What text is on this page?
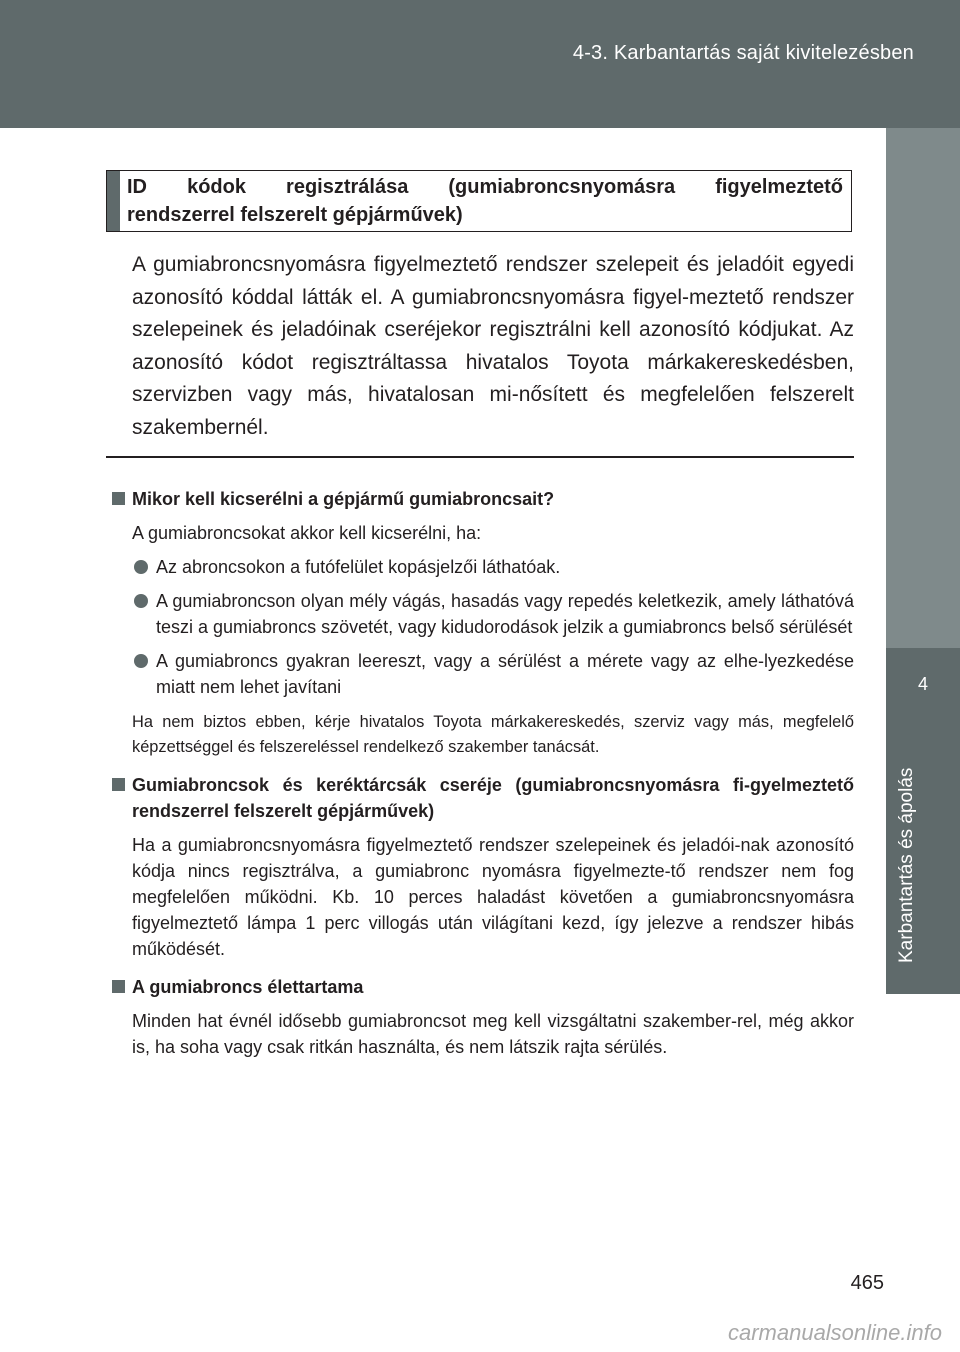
4-3. Karbantartás saját kivitelezésben
4
Karbantartás és ápolás
ID kódok regisztrálása (gumiabroncsnyomásra figyelmeztető
rendszerrel felszerelt gépjárművek)
A gumiabroncsnyomásra figyelmeztető rendszer szelepeit és jeladóit egyedi azonosító kóddal látták el. A gumiabroncsnyomásra figyel-meztető rendszer szelepeinek és jeladóinak cseréjekor regisztrálni kell azonosító kódjukat. Az azonosító kódot regisztráltassa hivatalos Toyota márkakereskedésben, szervizben vagy más, hivatalosan mi-nősített és megfelelően felszerelt szakembernél.
Mikor kell kicserélni a gépjármű gumiabroncsait?
A gumiabroncsokat akkor kell kicserélni, ha:
Az abroncsokon a futófelület kopásjelzői láthatóak.
A gumiabroncson olyan mély vágás, hasadás vagy repedés keletkezik, amely láthatóvá teszi a gumiabroncs szövetét, vagy kidudorodások jelzik a gumiabroncs belső sérülését
A gumiabroncs gyakran leereszt, vagy a sérülést a mérete vagy az elhe-lyezkedése miatt nem lehet javítani
Ha nem biztos ebben, kérje hivatalos Toyota márkakereskedés, szerviz vagy más, megfelelő képzettséggel és felszereléssel rendelkező szakember tanácsát.
Gumiabroncsok és keréktárcsák cseréje (gumiabroncsnyomásra fi-gyelmeztető rendszerrel felszerelt gépjárművek)
Ha a gumiabroncsnyomásra figyelmeztető rendszer szelepeinek és jeladói-nak azonosító kódja nincs regisztrálva, a gumiabronc nyomásra figyelmezte-tő rendszer nem fog megfelelően működni. Kb. 10 perces haladást követően a gumiabroncsnyomásra figyelmeztető lámpa 1 perc villogás után világítani kezd, így jelezve a rendszer hibás működését.
A gumiabroncs élettartama
Minden hat évnél idősebb gumiabroncsot meg kell vizsgáltatni szakember-rel, még akkor is, ha soha vagy csak ritkán használta, és nem látszik rajta sérülés.
465
carmanualsonline.info
